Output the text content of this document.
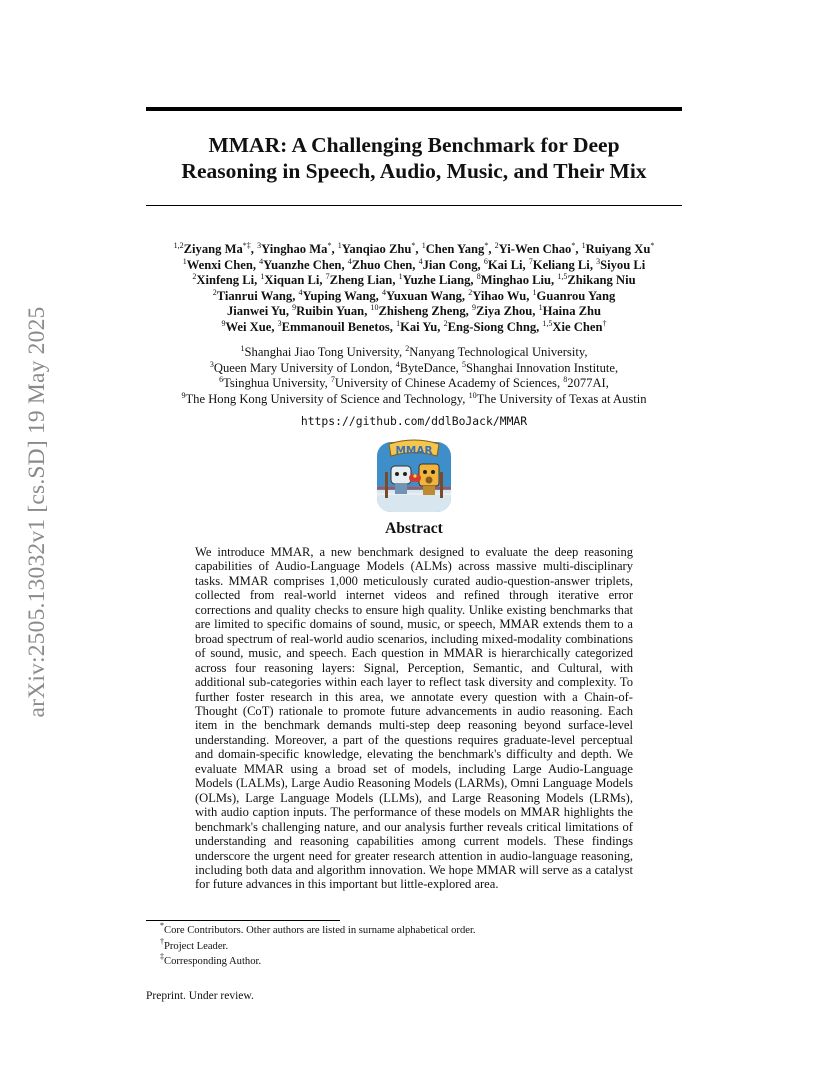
arXiv:2505.13032v1 [cs.SD] 19 May 2025
MMAR: A Challenging Benchmark for Deep
Reasoning in Speech, Audio, Music, and Their Mix
$^{1,2}$Ziyang Ma*‡, $^3$Yinghao Ma*, $^1$Yanqiao Zhu*, $^1$Chen Yang*, $^2$Yi-Wen Chao*, $^1$Ruiyang Xu*
$^1$Wenxi Chen, $^4$Yuanzhe Chen, $^4$Zhuo Chen, $^4$Jian Cong, $^6$Kai Li, $^7$Keliang Li, $^3$Siyou Li
$^2$Xinfeng Li, $^1$Xiquan Li, $^7$Zheng Lian, $^1$Yuzhe Liang, $^8$Minghao Liu, $^{1,5}$Zhikang Niu
$^2$Tianrui Wang, $^4$Yuping Wang, $^4$Yuxuan Wang, $^2$Yihao Wu, $^1$Guanrou Yang
Jianwei Yu, $^9$Ruibin Yuan, $^{10}$Zhisheng Zheng, $^9$Ziya Zhou, $^1$Haina Zhu
$^9$Wei Xue, $^3$Emmanouil Benetos, $^1$Kai Yu, $^2$Eng-Siong Chng, $^{1,5}$Xie Chen†
$^1$Shanghai Jiao Tong University, $^2$Nanyang Technological University,
$^3$Queen Mary University of London, $^4$ByteDance, $^5$Shanghai Innovation Institute,
$^6$Tsinghua University, $^7$University of Chinese Academy of Sciences, $^8$2077AI,
$^9$The Hong Kong University of Science and Technology, $^{10}$The University of Texas at Austin
https://github.com/ddlBoJack/MMAR
MMAR
Abstract

We introduce MMAR, a new benchmark designed to evaluate the deep reasoning capabilities of Audio-Language Models (ALMs) across massive multi-disciplinary tasks. MMAR comprises 1,000 meticulously curated audio-question-answer triplets, collected from real-world internet videos and refined through iterative error corrections and quality checks to ensure high quality. Unlike existing benchmarks that are limited to specific domains of sound, music, or speech, MMAR extends them to a broad spectrum of real-world audio scenarios, including mixed-modality combinations of sound, music, and speech. Each question in MMAR is hierarchically categorized across four reasoning layers: Signal, Perception, Semantic, and Cultural, with additional sub-categories within each layer to reflect task diversity and complexity. To further foster research in this area, we annotate every question with a Chain-of-Thought (CoT) rationale to promote future advancements in audio reasoning. Each item in the benchmark demands multi-step deep reasoning beyond surface-level understanding. Moreover, a part of the questions requires graduate-level perceptual and domain-specific knowledge, elevating the benchmark's difficulty and depth. We evaluate MMAR using a broad set of models, including Large Audio-Language Models (LALMs), Large Audio Reasoning Models (LARMs), Omni Language Models (OLMs), Large Language Models (LLMs), and Large Reasoning Models (LRMs), with audio caption inputs. The performance of these models on MMAR highlights the benchmark's challenging nature, and our analysis further reveals critical limitations of understanding and reasoning capabilities among current models. These findings underscore the urgent need for greater research attention in audio-language reasoning, including both data and algorithm innovation. We hope MMAR will serve as a catalyst for future advances in this important but little-explored area.

*Core Contributors. Other authors are listed in surname alphabetical order.
†Project Leader.
‡Corresponding Author.
Preprint. Under review.
